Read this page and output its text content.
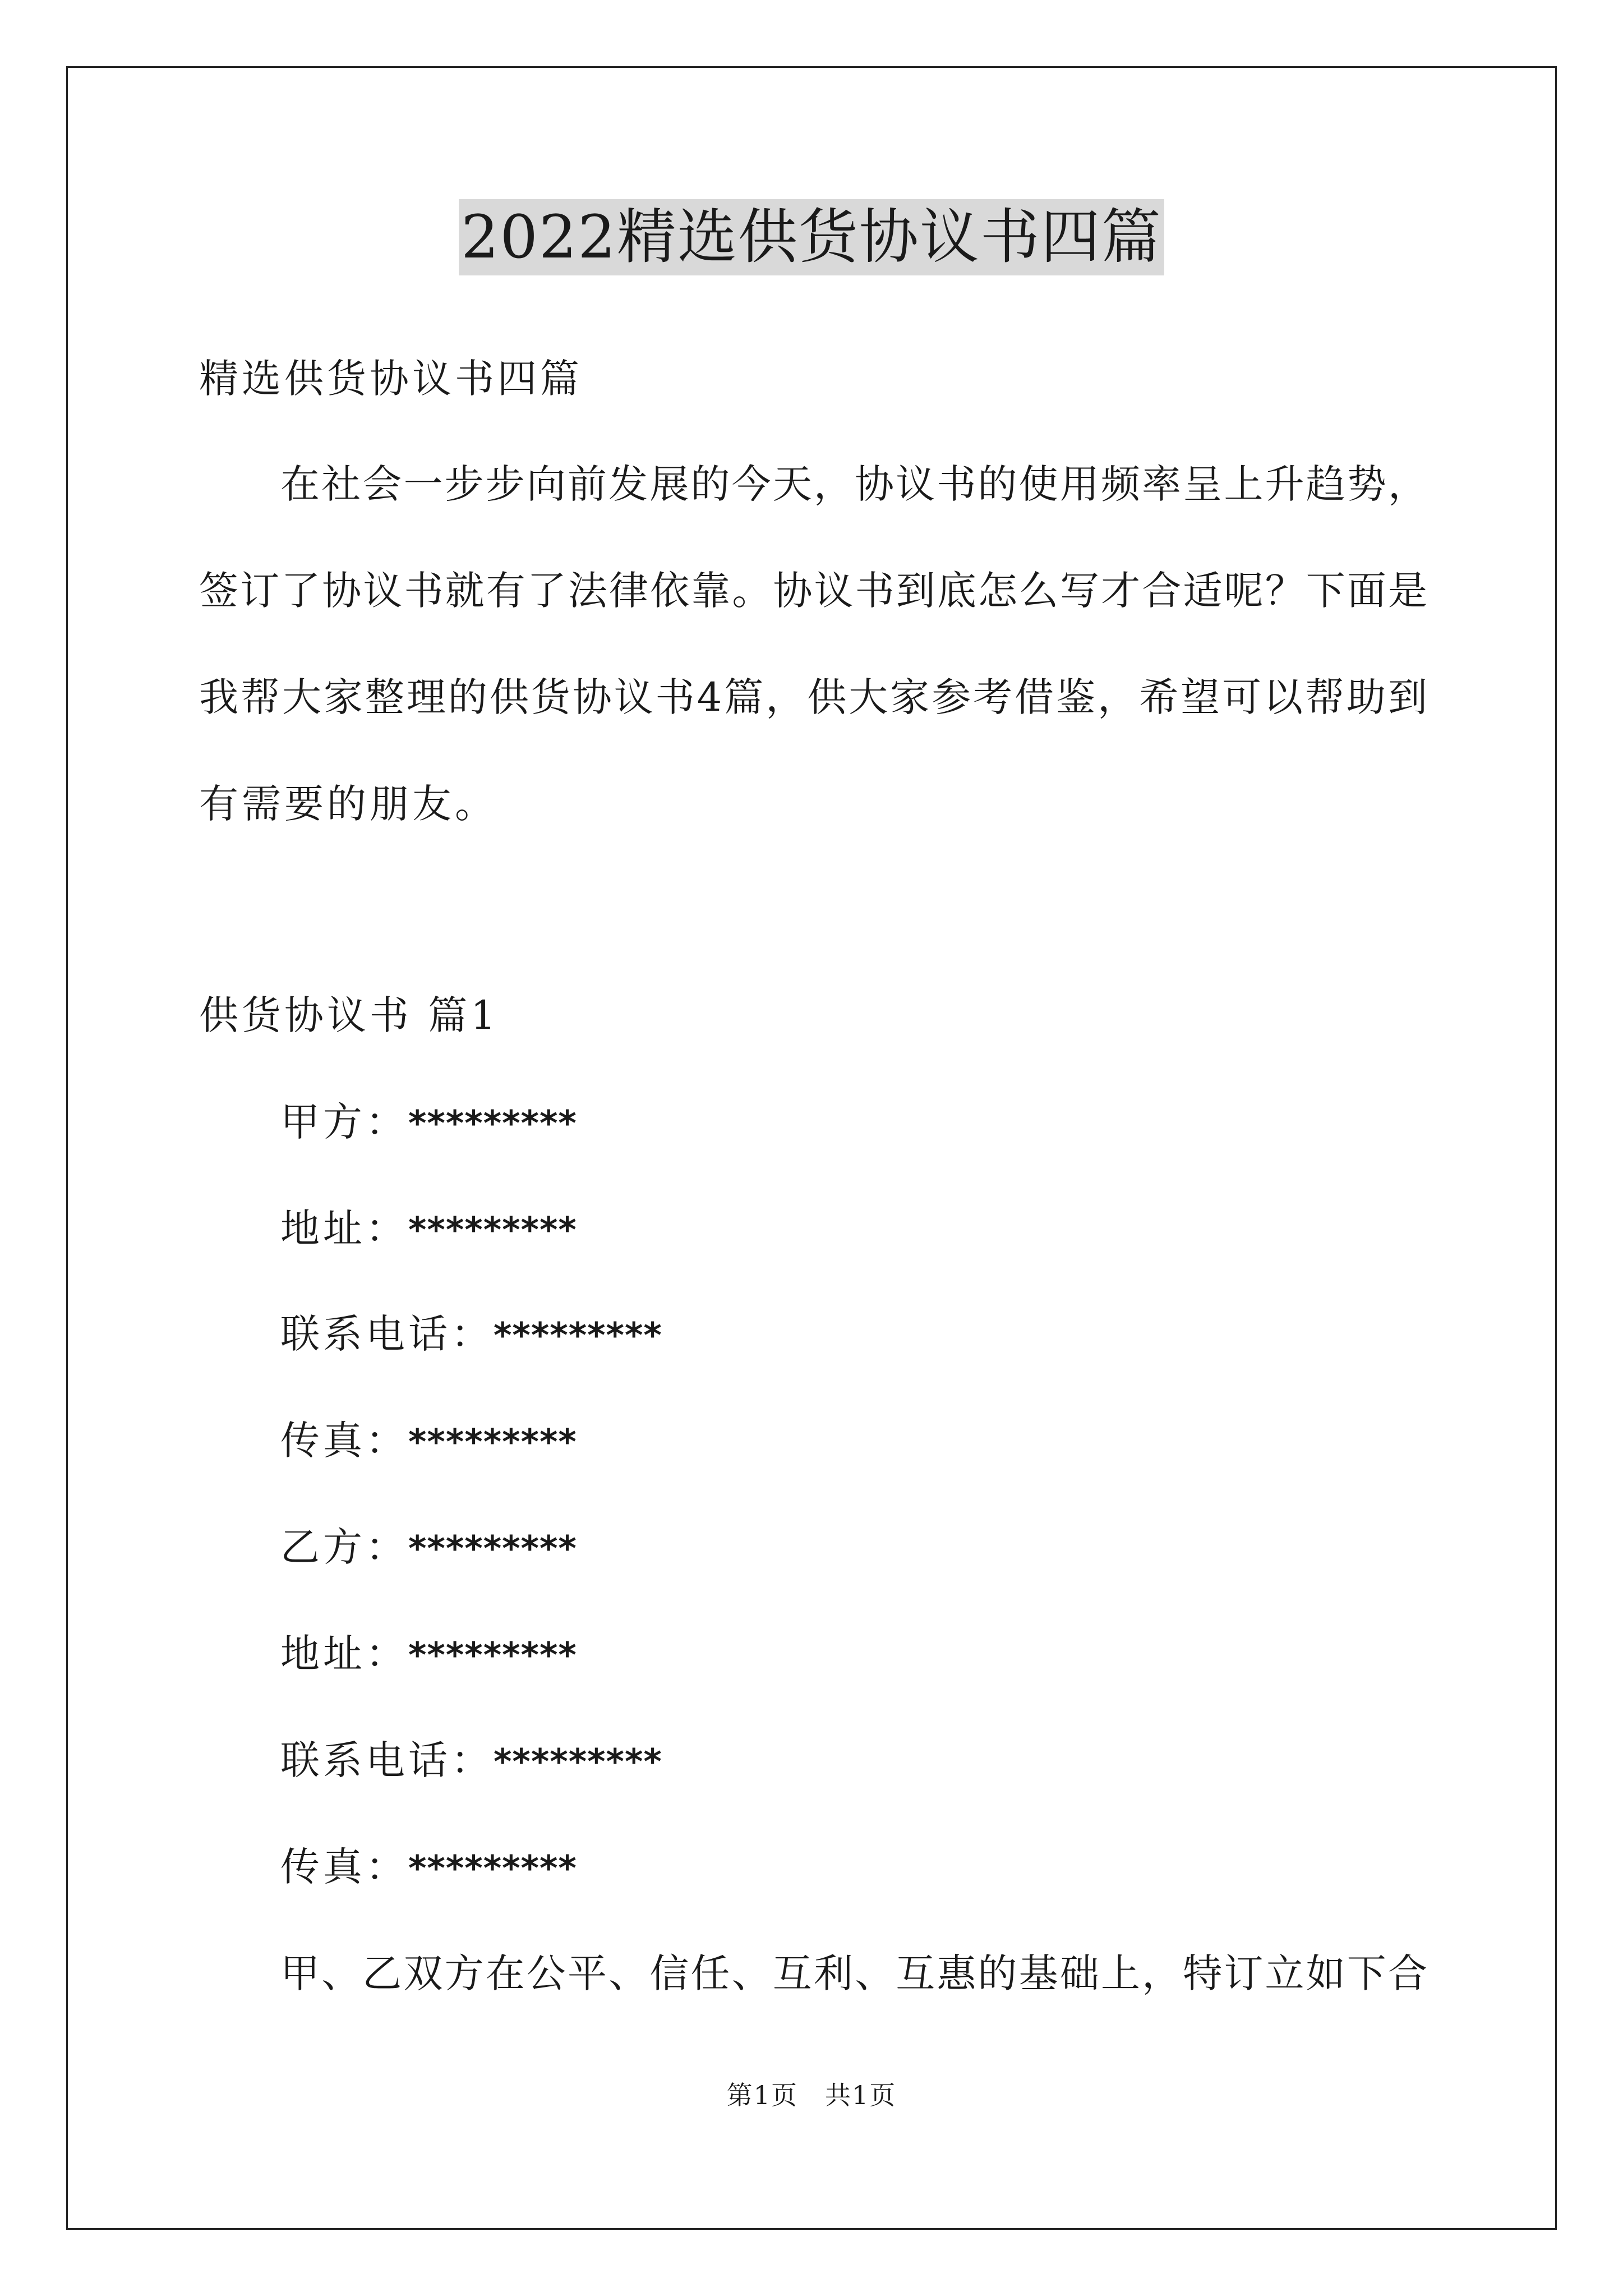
2022精选供货协议书四篇
精选供货协议书四篇
在社会一步步向前发展的今天，协议书的使用频率呈上升趋势，
签订了协议书就有了法律依靠。协议书到底怎么写才合适呢？下面是
我帮大家整理的供货协议书4篇，供大家参考借鉴，希望可以帮助到
有需要的朋友。
供货协议书 篇1
甲方：*********
地址：*********
联系电话：*********
传真：*********
乙方：*********
地址：*********
联系电话：*********
传真：*********
甲、乙双方在公平、信任、互利、互惠的基础上，特订立如下合
第1页　共1页
